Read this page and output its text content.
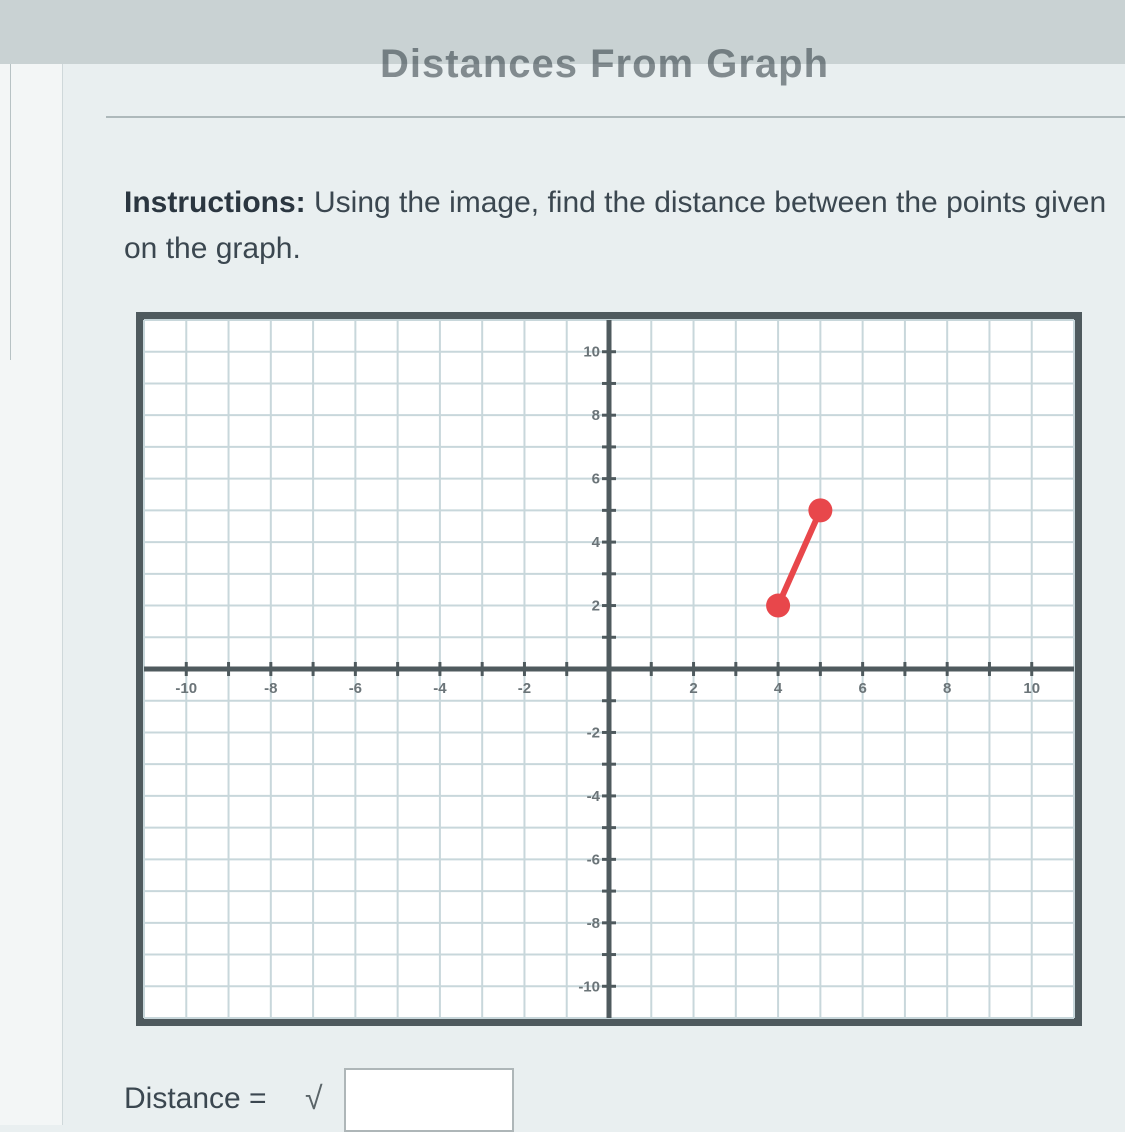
Distances From Graph
Instructions: Using the image, find the distance between the points given on the graph.
-10	-8	-6	-4	-2	2	4	6	8	10
10
8
6
4
2
-2
-4
-6
-8
-10
Distance = √
